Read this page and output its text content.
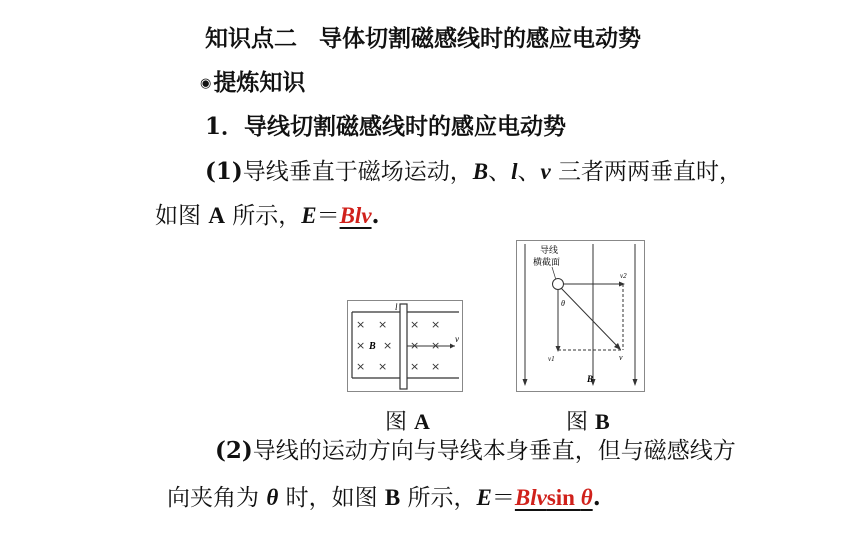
知识点二 导体切割磁感线时的感应电动势
◉提炼知识
1．导线切割磁感线时的感应电动势
(1)导线垂直于磁场运动，B、l、v 三者两两垂直时，
如图 A 所示，E＝Blv.
l
× × × ×
× × × ×
× × × ×
B
v
导线
横截面
v2
v1	v
θ
B
图 A	图 B
(2)导线的运动方向与导线本身垂直，但与磁感线方
向夹角为 θ 时，如图 B 所示，E＝Blvsin θ.
